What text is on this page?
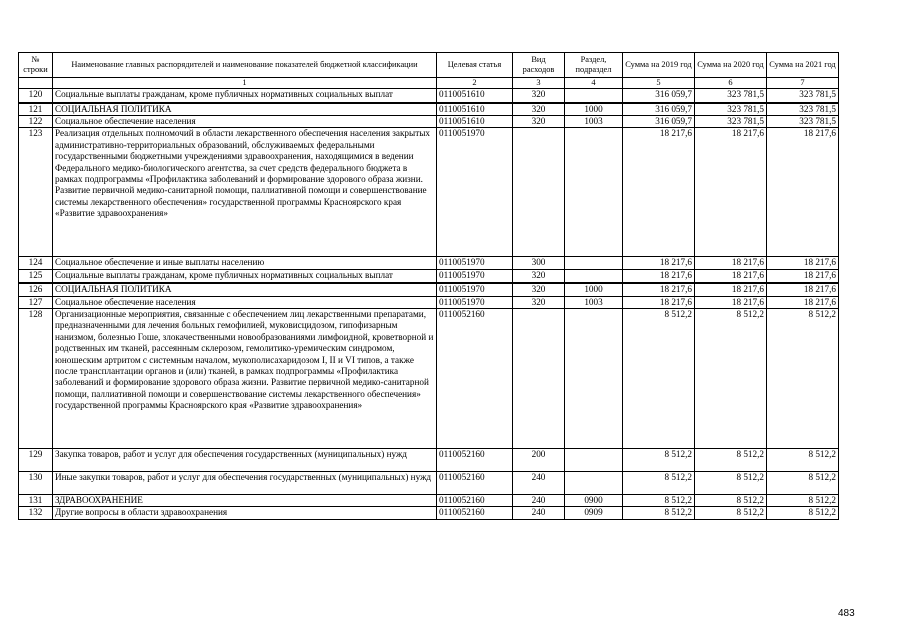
№ строки	Наименование главных распорядителей и наименование показателей бюджетной классификации	Целевая статья	Вид расходов	Раздел, подраздел	Сумма на 2019 год	Сумма на 2020 год	Сумма на 2021 год
	1	2	3	4	5	6	7
120	Социальные выплаты гражданам, кроме публичных нормативных социальных выплат	0110051610	320		316 059,7	323 781,5	323 781,5
121	СОЦИАЛЬНАЯ ПОЛИТИКА	0110051610	320	1000	316 059,7	323 781,5	323 781,5
122	Социальное обеспечение населения	0110051610	320	1003	316 059,7	323 781,5	323 781,5
123	Реализация отдельных полномочий в области лекарственного обеспечения населения закрытых административно-территориальных образований, обслуживаемых федеральными государственными бюджетными учреждениями здравоохранения, находящимися в ведении Федерального медико-биологического агентства, за счет средств федерального бюджета в рамках подпрограммы «Профилактика заболеваний и формирование здорового образа жизни. Развитие первичной медико-санитарной помощи, паллиативной помощи и совершенствование системы лекарственного обеспечения» государственной программы Красноярского края «Развитие здравоохранения»	0110051970			18 217,6	18 217,6	18 217,6
124	Социальное обеспечение и иные выплаты населению	0110051970	300		18 217,6	18 217,6	18 217,6
125	Социальные выплаты гражданам, кроме публичных нормативных социальных выплат	0110051970	320		18 217,6	18 217,6	18 217,6
126	СОЦИАЛЬНАЯ ПОЛИТИКА	0110051970	320	1000	18 217,6	18 217,6	18 217,6
127	Социальное обеспечение населения	0110051970	320	1003	18 217,6	18 217,6	18 217,6
128	Организационные мероприятия, связанные с обеспечением лиц лекарственными препаратами, предназначенными для лечения больных гемофилией, муковисцидозом, гипофизарным нанизмом, болезнью Гоше, злокачественными новообразованиями лимфоидной, кроветворной и родственных им тканей, рассеянным склерозом, гемолитико-уремическим синдромом, юношеским артритом с системным началом, мукополисахаридозом I, II и VI типов, а также после трансплантации органов и (или) тканей, в рамках подпрограммы «Профилактика заболеваний и формирование здорового образа жизни. Развитие первичной медико-санитарной помощи, паллиативной помощи и совершенствование системы лекарственного обеспечения» государственной программы Красноярского края «Развитие здравоохранения»	0110052160			8 512,2	8 512,2	8 512,2
129	Закупка товаров, работ и услуг для обеспечения государственных (муниципальных) нужд	0110052160	200		8 512,2	8 512,2	8 512,2
130	Иные закупки товаров, работ и услуг для обеспечения государственных (муниципальных) нужд	0110052160	240		8 512,2	8 512,2	8 512,2
131	ЗДРАВООХРАНЕНИЕ	0110052160	240	0900	8 512,2	8 512,2	8 512,2
132	Другие вопросы в области здравоохранения	0110052160	240	0909	8 512,2	8 512,2	8 512,2
483
